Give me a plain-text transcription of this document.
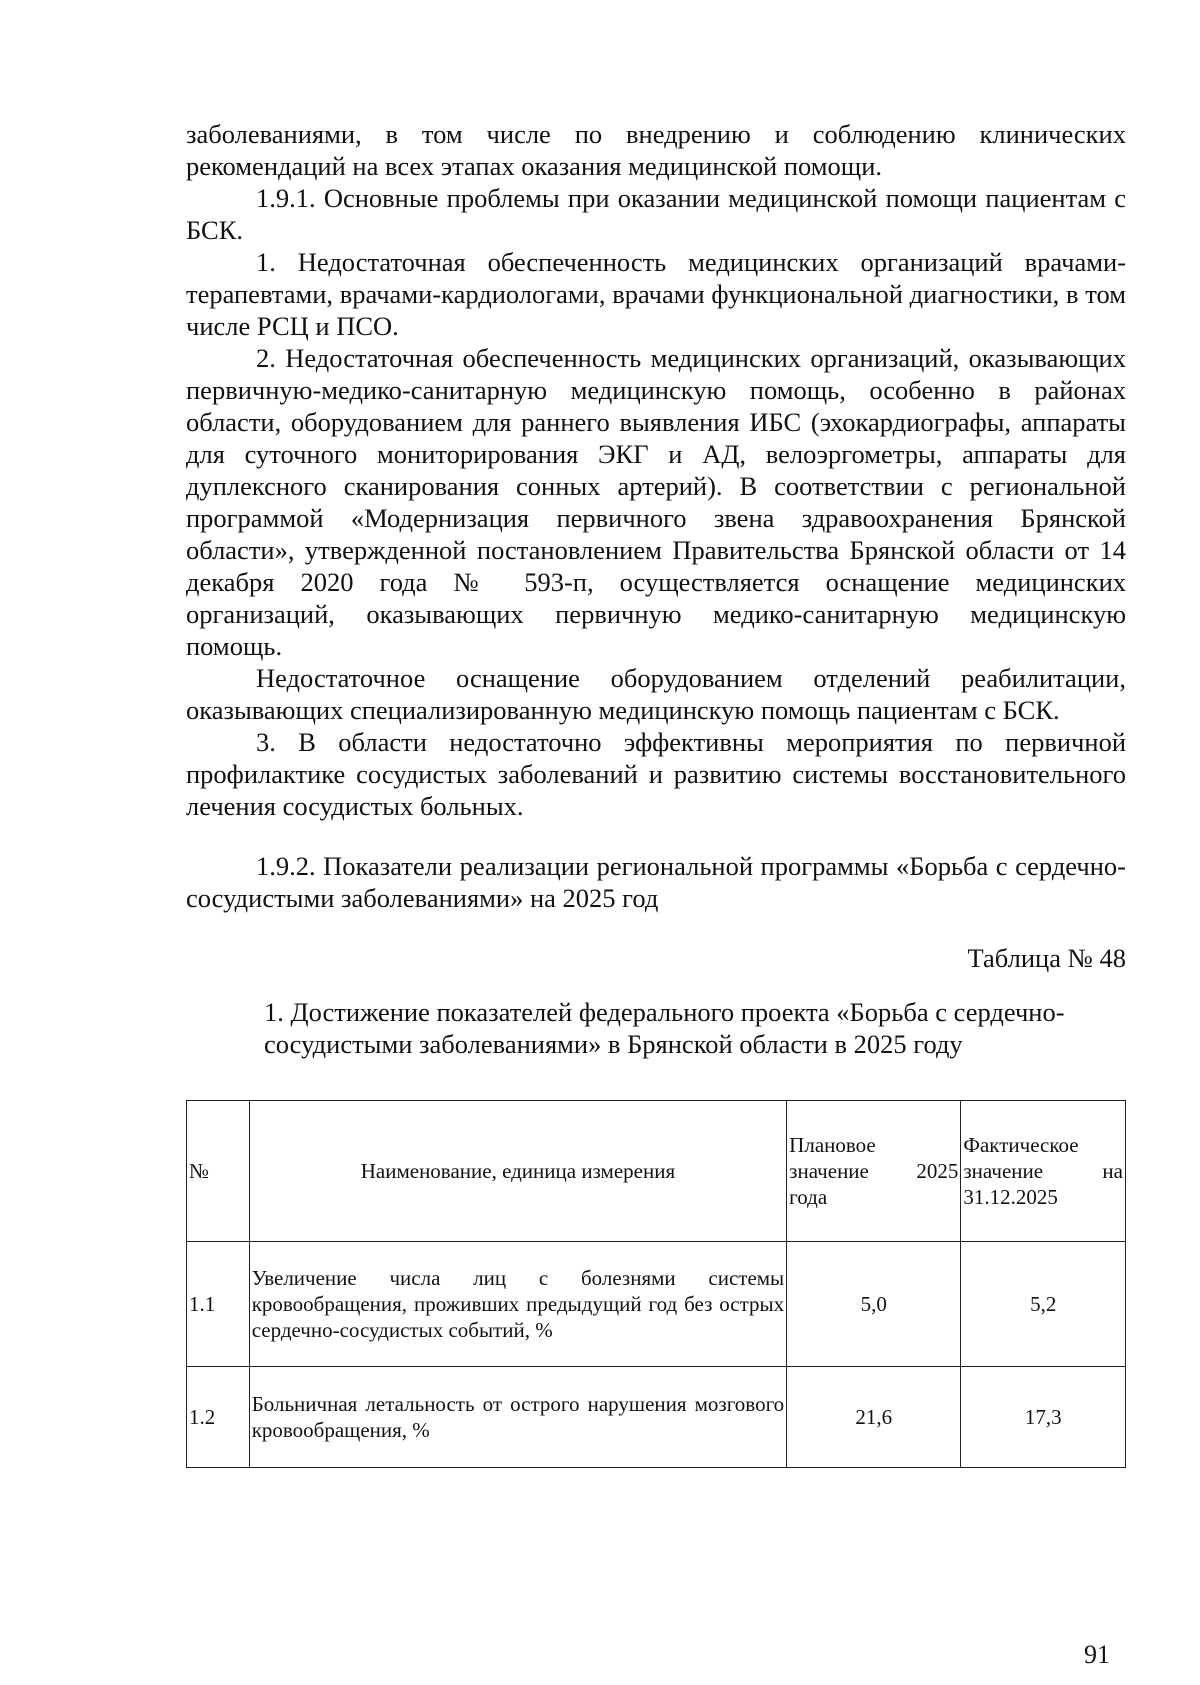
заболеваниями, в том числе по внедрению и соблюдению клинических рекомендаций на всех этапах оказания медицинской помощи.

1.9.1. Основные проблемы при оказании медицинской помощи пациентам с БСК.

1. Недостаточная обеспеченность медицинских организаций врачами-терапевтами, врачами-кардиологами, врачами функциональной диагностики, в том числе РСЦ и ПСО.

2. Недостаточная обеспеченность медицинских организаций, оказывающих первичную-медико-санитарную медицинскую помощь, особенно в районах области, оборудованием для раннего выявления ИБС (эхокардиографы, аппараты для суточного мониторирования ЭКГ и АД, велоэргометры, аппараты для дуплексного сканирования сонных артерий). В соответствии с региональной программой «Модернизация первичного звена здравоохранения Брянской области», утвержденной постановлением Правительства Брянской области от 14 декабря 2020 года № 593-п, осуществляется оснащение медицинских организаций, оказывающих первичную медико-санитарную медицинскую помощь.

Недостаточное оснащение оборудованием отделений реабилитации, оказывающих специализированную медицинскую помощь пациентам с БСК.

3. В области недостаточно эффективны мероприятия по первичной профилактике сосудистых заболеваний и развитию системы восстановительного лечения сосудистых больных.

1.9.2. Показатели реализации региональной программы «Борьба с сердечно-сосудистыми заболеваниями» на 2025 год

Таблица № 48

1. Достижение показателей федерального проекта «Борьба с сердечно-сосудистыми заболеваниями» в Брянской области в 2025 году
№	Наименование, единица измерения	Плановое значение 2025 года	Фактическое значение на 31.12.2025
1.1	Увеличение числа лиц с болезнями системы кровообращения, проживших предыдущий год без острых сердечно-сосудистых событий, %	5,0	5,2
1.2	Больничная летальность от острого нарушения мозгового кровообращения, %	21,6	17,3
91
